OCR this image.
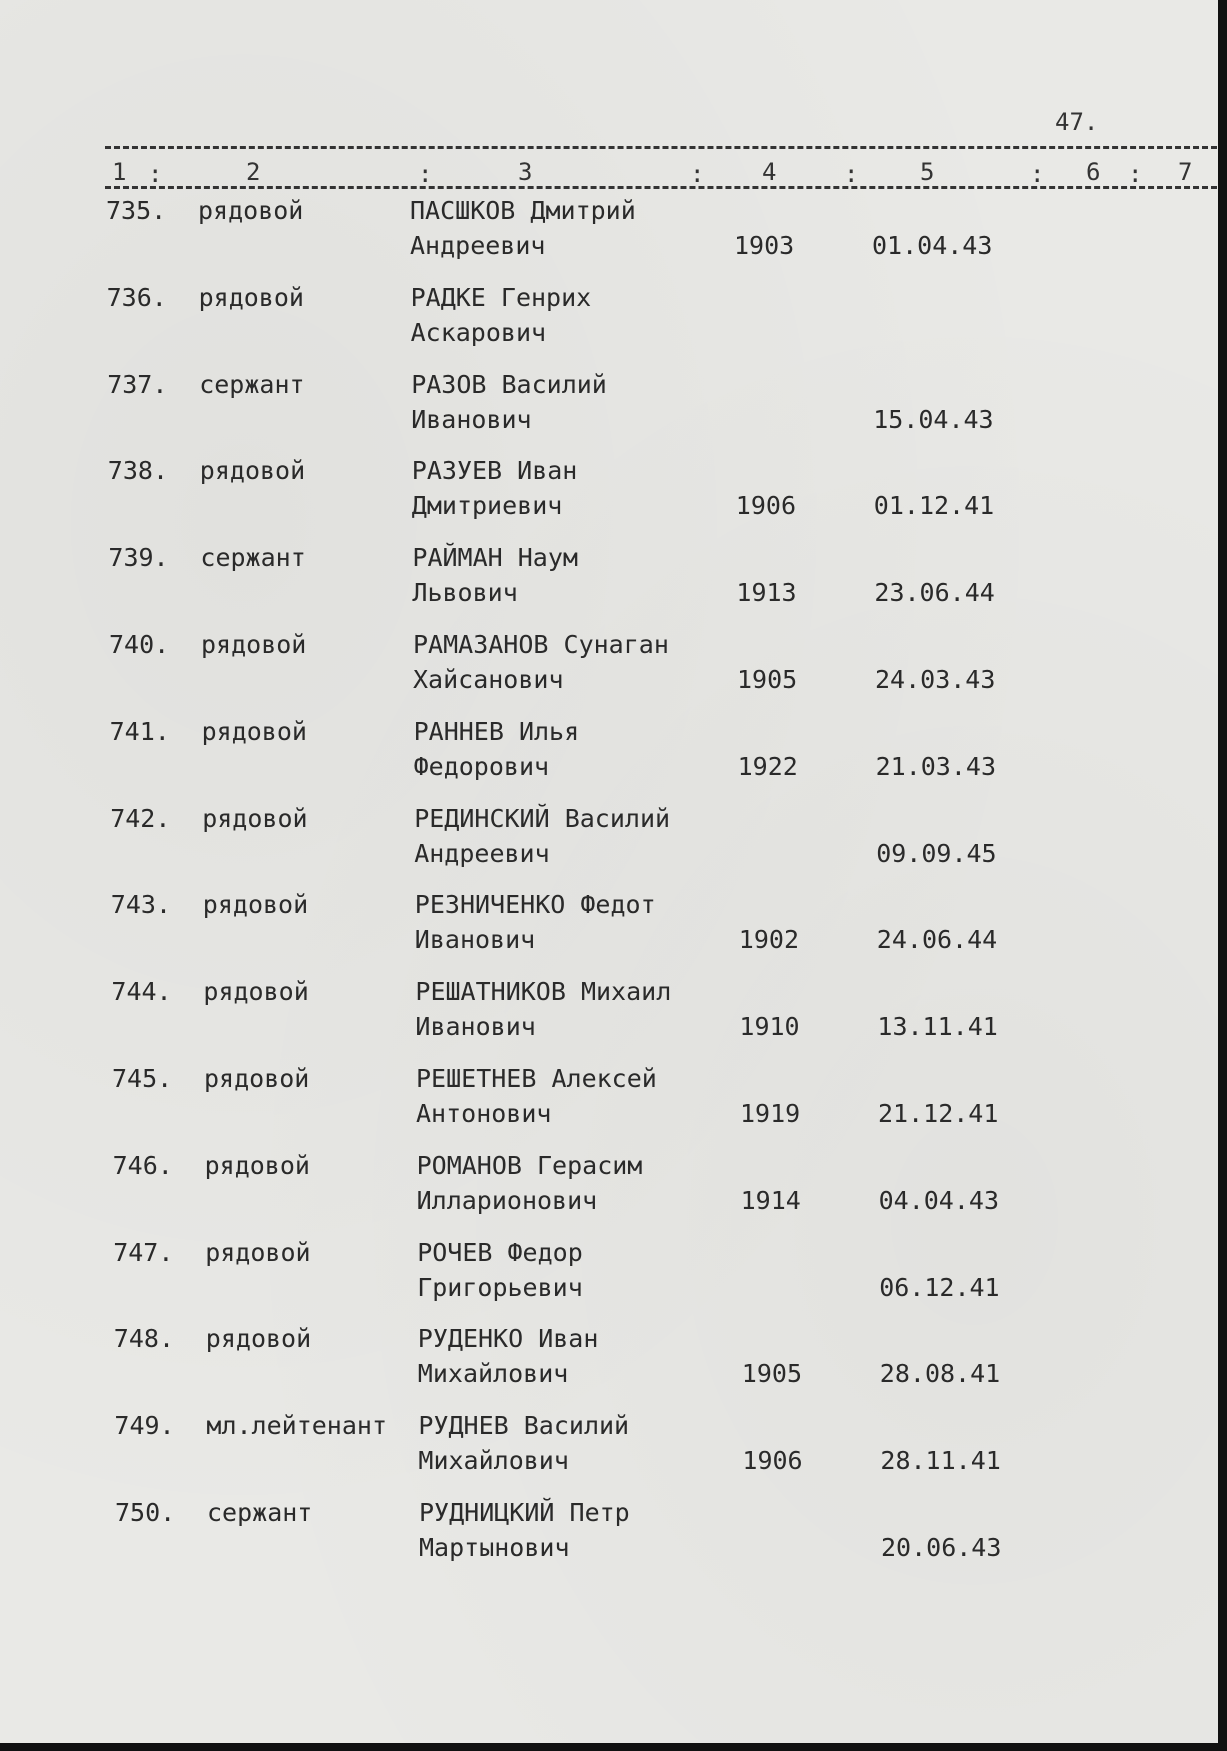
47.
1 :	2	:	3	: 4	:	5	: 6 : 7
735. рядовой	ПАСШКОВ Дмитрий
Андреевич	1903	01.04.43
736. рядовой	РАДКЕ Генрих
Аскарович
737. сержант	РАЗОВ Василий
Иванович	15.04.43
738. рядовой	РАЗУЕВ Иван
Дмитриевич	1906	01.12.41
739. сержант	РАЙМАН Наум
Львович	1913	23.06.44
740. рядовой	РАМАЗАНОВ Сунаган
Хайсанович	1905	24.03.43
741. рядовой	РАННЕВ Илья
Федорович	1922	21.03.43
742. рядовой	РЕДИНСКИЙ Василий
Андреевич	09.09.45
743. рядовой	РЕЗНИЧЕНКО Федот
Иванович	1902	24.06.44
744. рядовой	РЕШАТНИКОВ Михаил
Иванович	1910	13.11.41
745. рядовой	РЕШЕТНЕВ Алексей
Антонович	1919	21.12.41
746. рядовой	РОМАНОВ Герасим
Илларионович	1914	04.04.43
747. рядовой	РОЧЕВ Федор
Григорьевич	06.12.41
748. рядовой	РУДЕНКО Иван
Михайлович	1905	28.08.41
749. мл.лейтенант РУДНЕВ Василий
Михайлович	1906	28.11.41
750. сержант	РУДНИЦКИЙ Петр
Мартынович	20.06.43
